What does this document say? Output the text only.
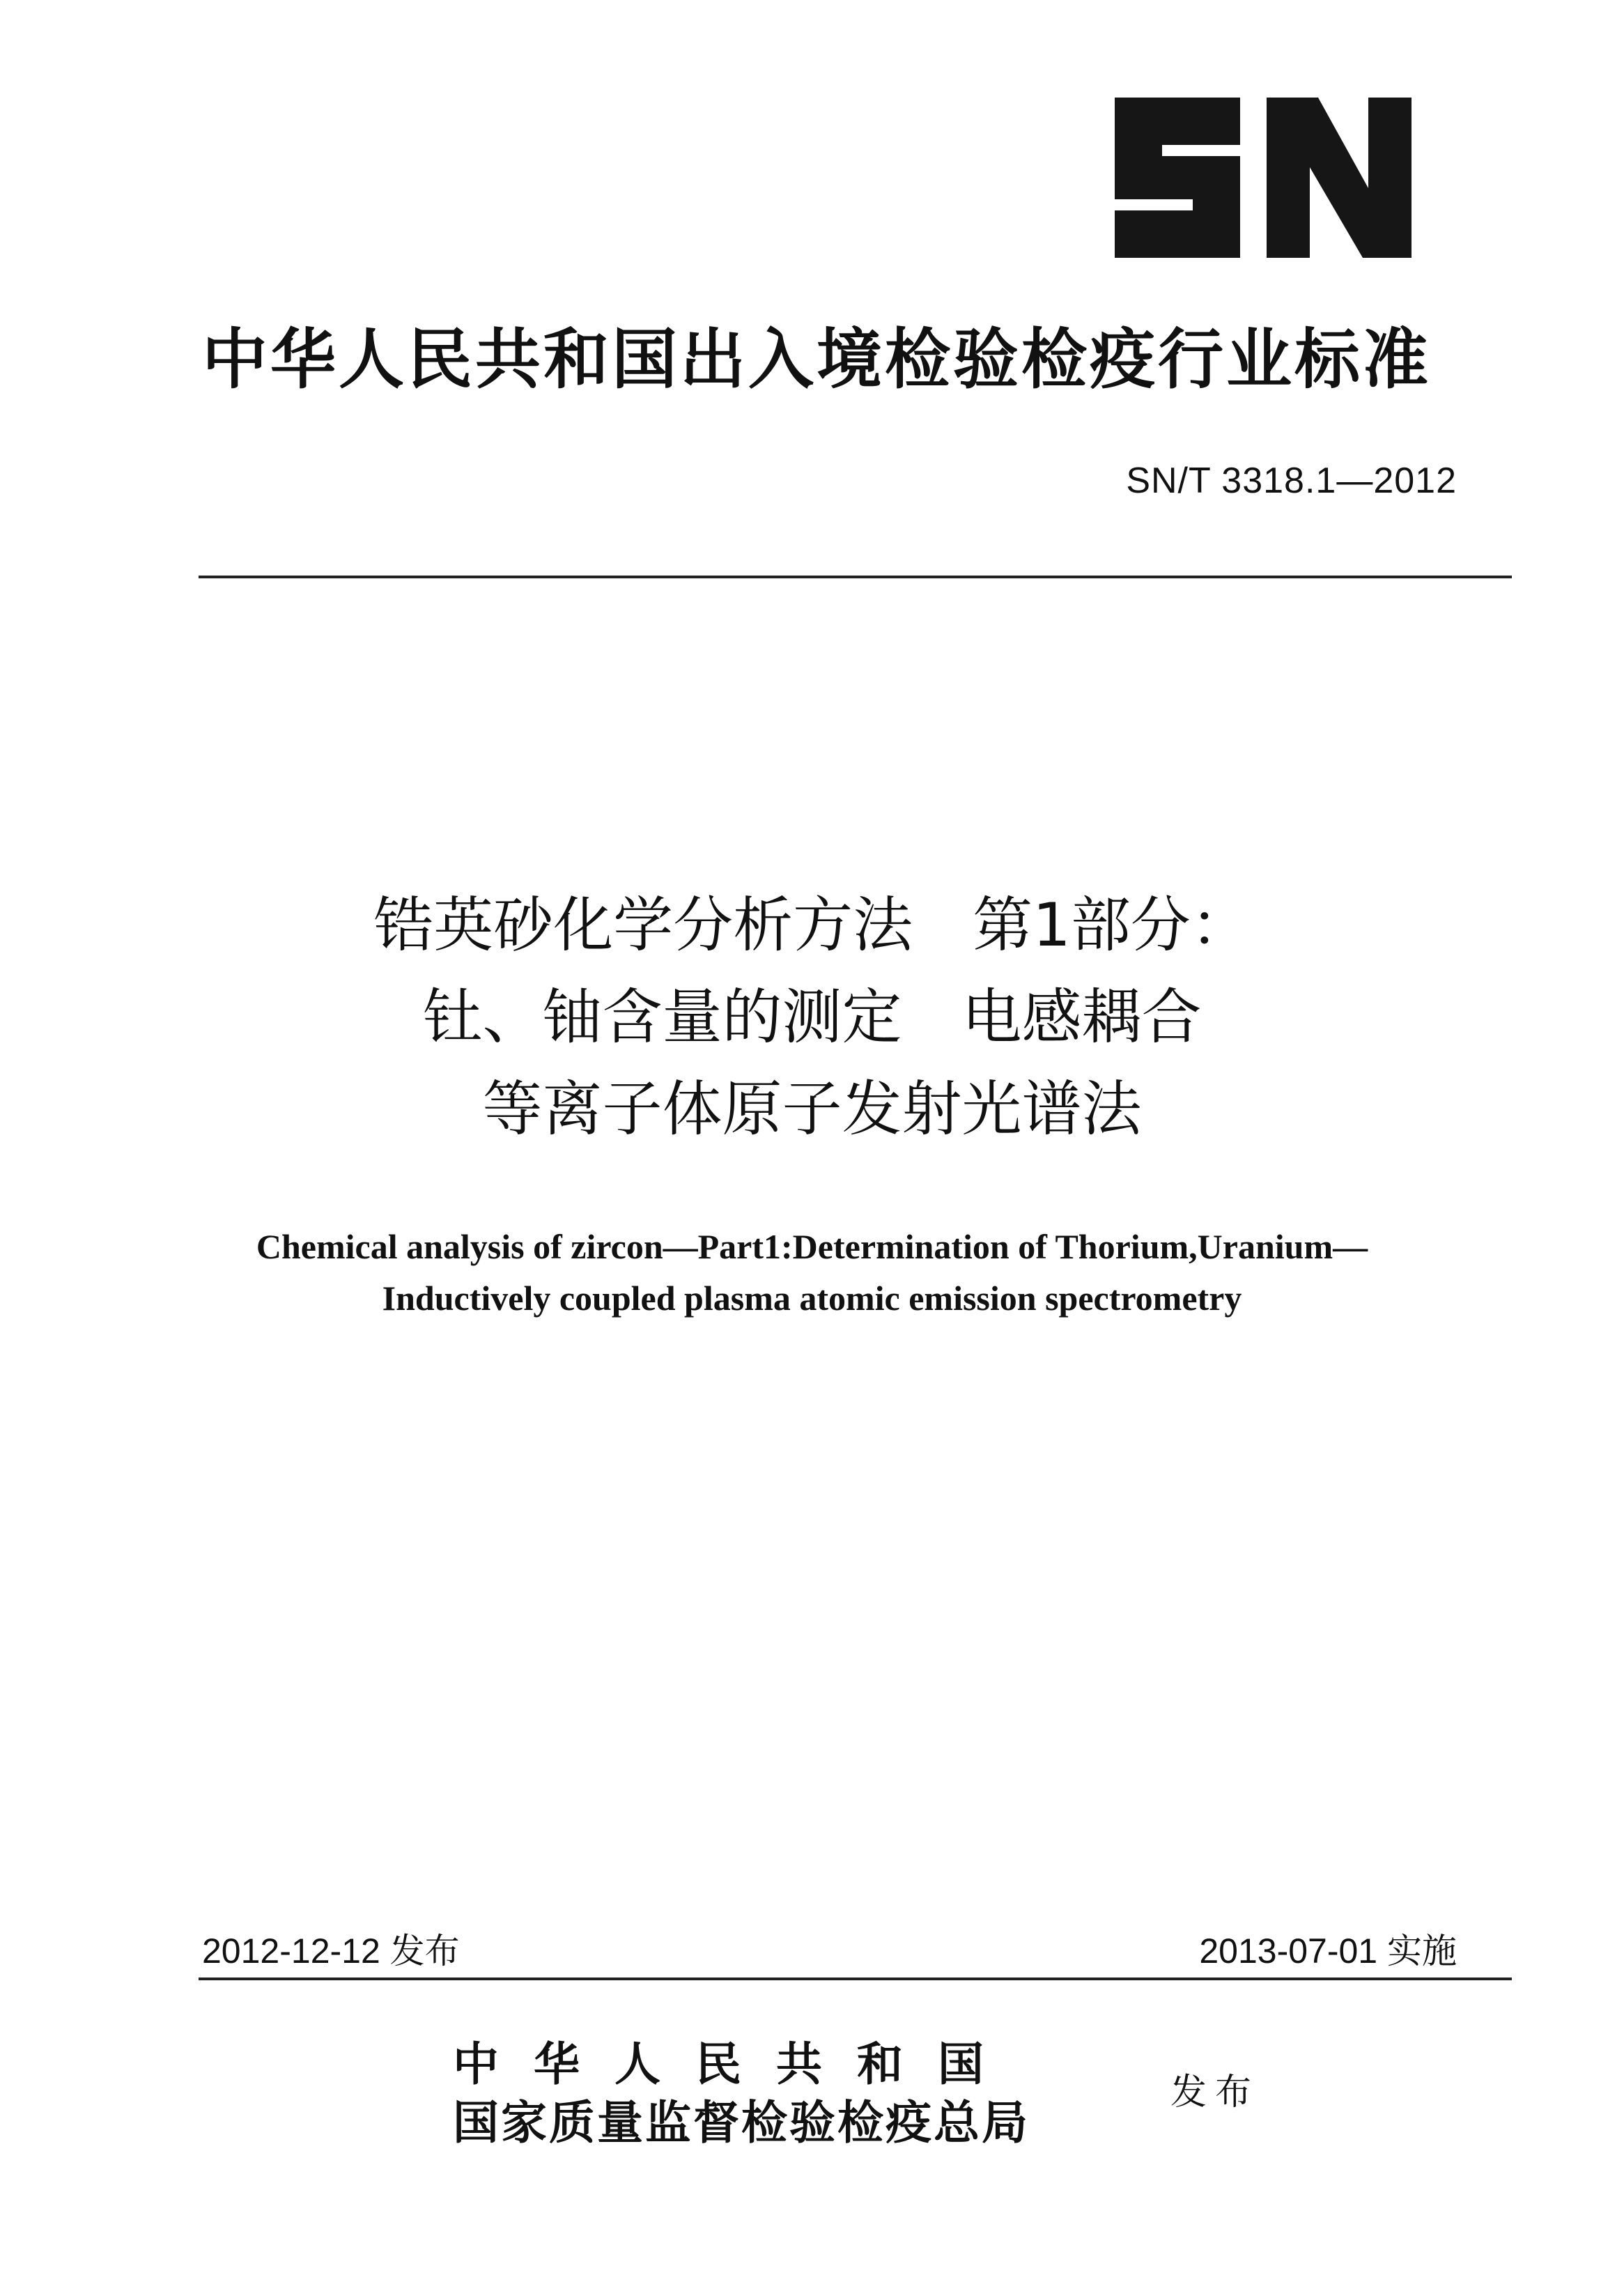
中华人民共和国出入境检验检疫行业标准
SN/T 3318.1—2012
锆英砂化学分析方法　第1部分：
钍、铀含量的测定　电感耦合
等离子体原子发射光谱法
Chemical analysis of zircon—Part1:Determination of Thorium,Uranium—
Inductively coupled plasma atomic emission spectrometry
2012-12-12 发布	2013-07-01 实施
中华人民共和国
国家质量监督检验检疫总局
发布
